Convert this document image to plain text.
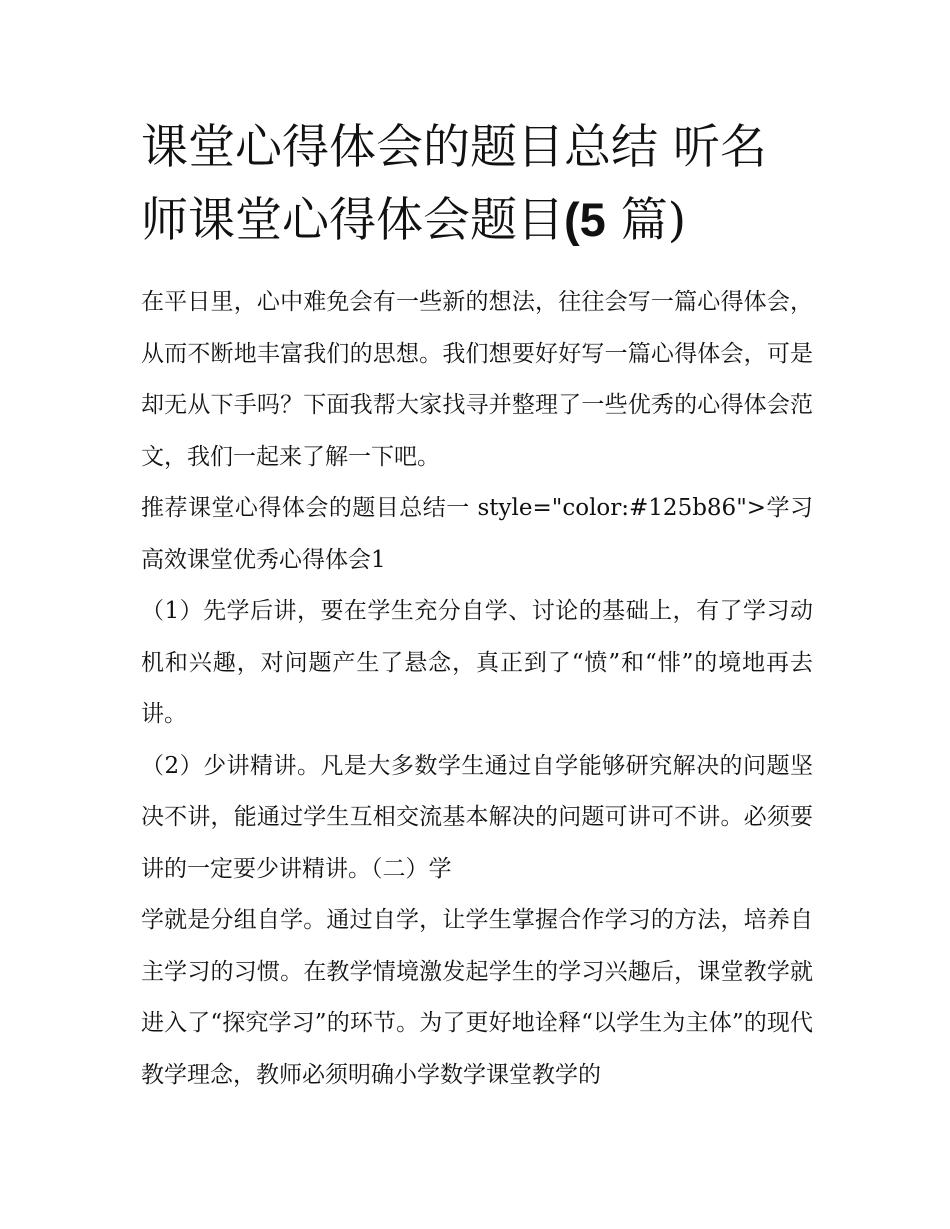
课堂心得体会的题目总结 听名师课堂心得体会题目(5 篇)

在平日里，心中难免会有一些新的想法，往往会写一篇心得体会，从而不断地丰富我们的思想。我们想要好好写一篇心得体会，可是却无从下手吗？下面我帮大家找寻并整理了一些优秀的心得体会范文，我们一起来了解一下吧。

推荐课堂心得体会的题目总结一 style="color:#125b86">学习高效课堂优秀心得体会1

（1）先学后讲，要在学生充分自学、讨论的基础上，有了学习动机和兴趣，对问题产生了悬念，真正到了“愤”和“悱”的境地再去讲。

（2）少讲精讲。凡是大多数学生通过自学能够研究解决的问题坚决不讲，能通过学生互相交流基本解决的问题可讲可不讲。必须要讲的一定要少讲精讲。（二）学

学就是分组自学。通过自学，让学生掌握合作学习的方法，培养自主学习的习惯。在教学情境激发起学生的学习兴趣后，课堂教学就进入了“探究学习”的环节。为了更好地诠释“以学生为主体”的现代教学理念，教师必须明确小学数学课堂教学的
